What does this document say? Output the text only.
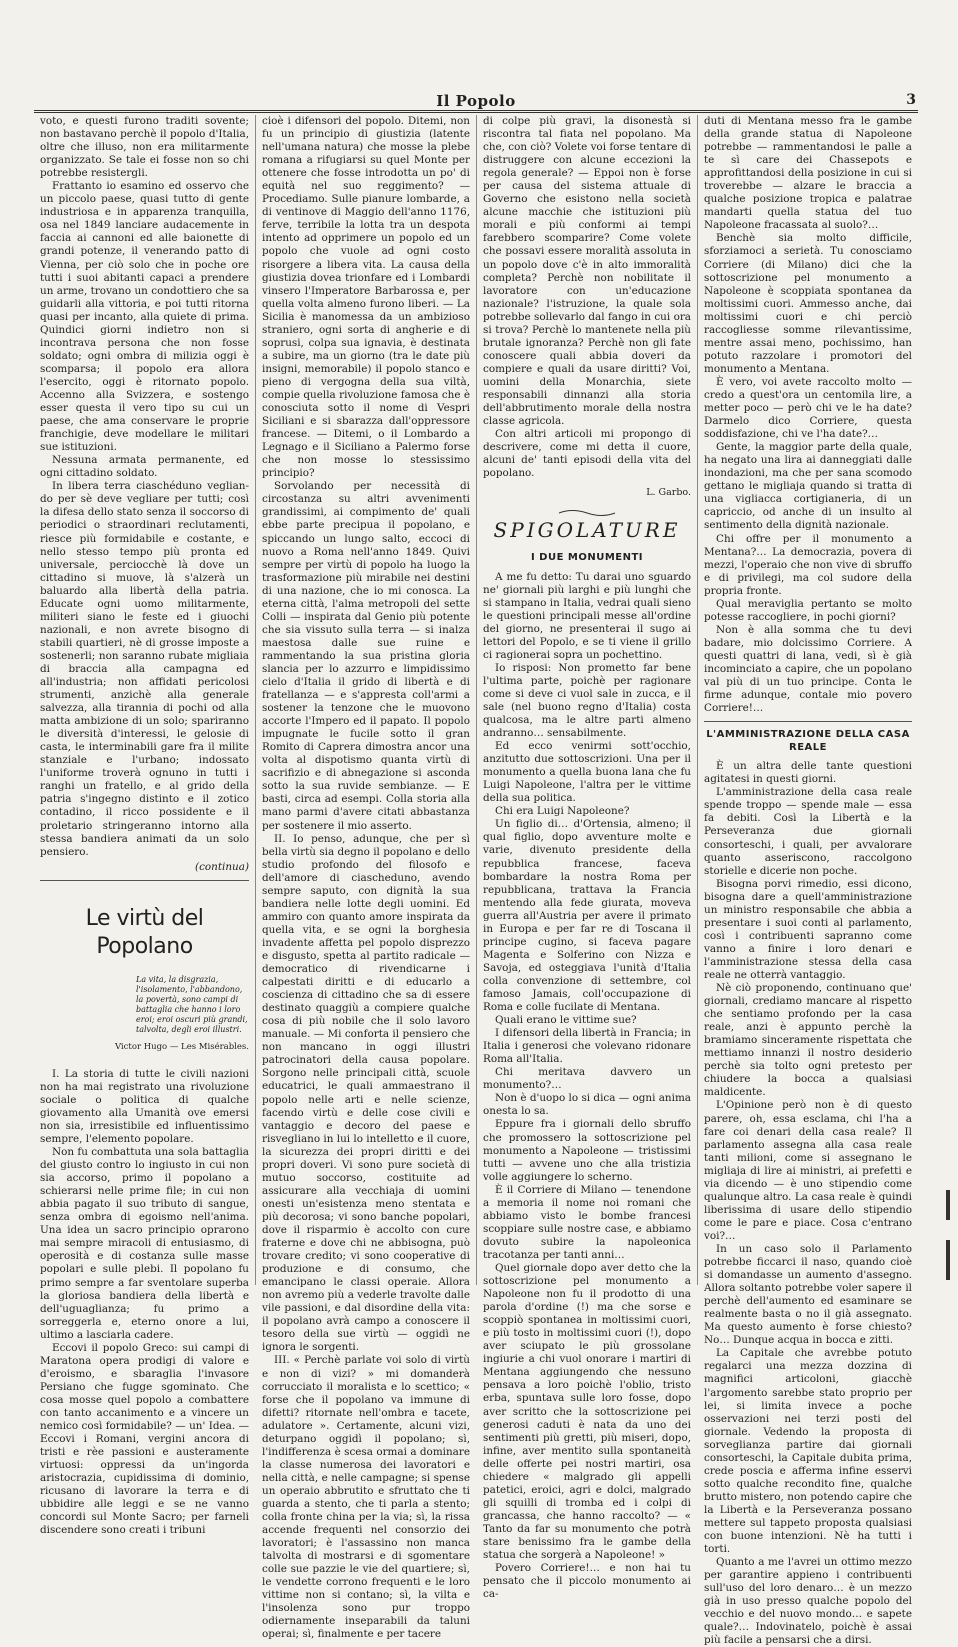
Il Popolo	3

voto, e questi furono traditi sovente; non bastavano perchè il popolo d'Italia, oltre che illuso, non era militarmente organizzato. Se tale ei fosse non so chi potrebbe resistergli.

Frattanto io esamino ed osservo che un piccolo paese, quasi tutto di gente industriosa e in apparenza tranquilla, osa nel 1849 lanciare audacemente in faccia ai cannoni ed alle baionette di grandi potenze, il venerando patto di Vienna, per ciò solo che in poche ore tutti i suoi abitanti capaci a prendere un arme, trovano un condottiero che sa guidarli alla vittoria, e poi tutti ritorna quasi per incanto, alla quiete di prima. Quindici giorni indietro non si incontrava persona che non fosse soldato; ogni ombra di milizia oggi è scomparsa; il popolo era allora l'esercito, oggi è ritornato popolo. Accenno alla Svizzera, e sostengo esser questa il vero tipo su cui un paese, che ama conservare le proprie franchigie, deve modellare le militari sue istituzioni.

Nessuna armata permanente, ed ogni cittadino soldato.

In libera terra ciaschéduno veglian-do per sè deve vegliare per tutti; così la difesa dello stato senza il soccorso di periodici o straordinari reclutamenti, riesce più formidabile e costante, e nello stesso tempo più pronta ed universale, perciocchè là dove un cittadino si muove, là s'alzerà un baluardo alla libertà della patria. Educate ogni uomo militarmente, militeri siano le feste ed i giuochi nazionali, e non avrete bisogno di stabili quartieri, nè di grosse imposte a sostenerli; non saranno rubate migliaia di braccia alla campagna ed all'industria; non affidati pericolosi strumenti, anzichè alla generale salvezza, alla tirannia di pochi od alla matta ambizione di un solo; spariranno le diversità d'interessi, le gelosie di casta, le interminabili gare fra il milite stanziale e l'urbano; indossato l'uniforme troverà ognuno in tutti i ranghi un fratello, e al grido della patria s'ingegno distinto e il zotico contadino, il ricco possidente e il proletario stringeranno intorno alla stessa bandiera animati da un solo pensiero.

(continua)

Le virtù del Popolano
La vita, la disgrazia, l'isolamento, l'abbandono, la povertà, sono campi di battaglia che hanno i loro eroi; eroi oscuri più grandi, talvolta, degli eroi illustri.
Victor Hugo — Les Misérables.

I. La storia di tutte le civili nazioni non ha mai registrato una rivoluzione sociale o politica di qualche giovamento alla Umanità ove emersi non sia, irresistibile ed influentissimo sempre, l'elemento popolare.

Non fu combattuta una sola battaglia del giusto contro lo ingiusto in cui non sia accorso, primo il popolano a schierarsi nelle prime file; in cui non abbia pagato il suo tributo di sangue, senza ombra di egoismo nell'anima. Una idea un sacro principio oprarono mai sempre miracoli di entusiasmo, di operosità e di costanza sulle masse popolari e sulle plebi. Il popolano fu primo sempre a far sventolare superba la gloriosa bandiera della libertà e dell'uguaglianza; fu primo a sorreggerla e, eterno onore a lui, ultimo a lasciarla cadere.

Eccovi il popolo Greco: sui campi di Maratona opera prodigi di valore e d'eroismo, e sbaraglia l'invasore Persiano che fugge sgominato. Che cosa mosse quel popolo a combattere con tanto accanimento e a vincere un nemico così formidabile? — un' Idea. — Eccovi i Romani, vergini ancora di tristi e rèe passioni e austeramente virtuosi: oppressi da un'ingorda aristocrazia, cupidissima di dominio, ricusano di lavorare la terra e di ubbidire alle leggi e se ne vanno concordi sul Monte Sacro; per farneli discendere sono creati i tribuni

cioè i difensori del popolo. Ditemi, non fu un principio di giustizia (latente nell'umana natura) che mosse la plebe romana a rifugiarsi su quel Monte per ottenere che fosse introdotta un po' di equità nel suo reggimento? — Procediamo. Sulle pianure lombarde, a di ventinove di Maggio dell'anno 1176, ferve, terribile la lotta tra un despota intento ad opprimere un popolo ed un popolo che vuole ad ogni costo risorgere a libera vita. La causa della giustizia dovea trionfare ed i Lombardi vinsero l'Imperatore Barbarossa e, per quella volta almeno furono liberi. — La Sicilia è manomessa da un ambizioso straniero, ogni sorta di angherie e di soprusi, colpa sua ignavia, è destinata a subire, ma un giorno (tra le date più insigni, memorabile) il popolo stanco e pieno di vergogna della sua viltà, compie quella rivoluzione famosa che è conosciuta sotto il nome di Vespri Siciliani e si sbarazza dall'oppressore francese. — Ditemi, o il Lombardo a Legnago e il Siciliano a Palermo forse che non mosse lo stessissimo principio?

Sorvolando per necessità di circostanza su altri avvenimenti grandissimi, ai compimento de' quali ebbe parte precipua il popolano, e spiccando un lungo salto, eccoci di nuovo a Roma nell'anno 1849. Quivi sempre per virtù di popolo ha luogo la trasformazione più mirabile nei destini di una nazione, che io mi conosca. La eterna città, l'alma metropoli del sette Colli — inspirata dal Genio più potente che sia vissuto sulla terra — si inalza maestosa dalle sue ruine e rammentando la sua pristina gloria slancia per lo azzurro e limpidissimo cielo d'Italia il grido di libertà e di fratellanza — e s'appresta coll'armi a sostener la tenzone che le muovono accorte l'Impero ed il papato. Il popolo impugnate le fucile sotto il gran Romito di Caprera dimostra ancor una volta al dispotismo quanta virtù di sacrifizio e di abnegazione si asconda sotto la sua ruvide sembianze. — E basti, circa ad esempi. Colla storia alla mano parmi d'avere citati abbastanza per sostenere il mio asserto.

II. Io penso, adunque, che per sì bella virtù sia degno il popolano e dello studio profondo del filosofo e dell'amore di ciascheduno, avendo sempre saputo, con dignità la sua bandiera nelle lotte degli uomini. Ed ammiro con quanto amore inspirata da quella vita, e se ogni la borghesia invadente affetta pel popolo disprezzo e disgusto, spetta al partito radicale — democratico di rivendicarne i calpestati diritti e di educarlo a coscienza di cittadino che sa di essere destinato quaggiù a compiere qualche cosa di più nobile che il solo lavoro manuale. — Mi conforta il pensiero che non mancano in oggi illustri patrocinatori della causa popolare. Sorgono nelle principali città, scuole educatrici, le quali ammaestrano il popolo nelle arti e nelle scienze, facendo virtù e delle cose civili e vantaggio e decoro del paese e risvegliano in lui lo intelletto e il cuore, la sicurezza dei propri diritti e dei propri doveri. Vi sono pure società di mutuo soccorso, costituite ad assicurare alla vecchiaja di uomini onesti un'esistenza meno stentata e più decorosa; vi sono banche popolari, dove il risparmio è accolto con cure fraterne e dove chi ne abbisogna, può trovare credito; vi sono cooperative di produzione e di consumo, che emancipano le classi operaie. Allora non avremo più a vederle travolte dalle vile passioni, e dal disordine della vita: il popolano avrà campo a conoscere il tesoro della sue virtù — oggidì ne ignora le sorgenti.

III. « Perchè parlate voi solo di virtù e non di vizi? » mi domanderà corrucciato il moralista e lo scettico; « forse che il popolano va immune di difetti? ritornate nell'ombra e tacete, adulatore ». Certamente, alcuni vizi, deturpano oggidì il popolano; sì, l'indifferenza è scesa ormai a dominare la classe numerosa dei lavoratori e nella città, e nelle campagne; si spense un operaio abbrutito e sfruttato che ti guarda a stento, che ti parla a stento; colla fronte china per la via; sì, la rissa accende frequenti nel consorzio dei lavoratori; è l'assassino non manca talvolta di mostrarsi e di sgomentare colle sue pazzie le vie del quartiere; sì, le vendette corrono frequenti e le loro vittime non si contano; sì, la vilta e l'insolenza sono pur troppo odiernamente inseparabili da taluni operai; sì, finalmente e per tacere

di colpe più gravi, la disonestà si riscontra tal fiata nel popolano. Ma che, con ciò? Volete voi forse tentare di distruggere con alcune eccezioni la regola generale? — Eppoi non è forse per causa del sistema attuale di Governo che esistono nella società alcune macchie che istituzioni più morali e più conformi ai tempi farebbero scomparire? Come volete che possavi essere moralità assoluta in un popolo dove c'è in alto immoralità completa? Perchè non nobilitate il lavoratore con un'educazione nazionale? l'istruzione, la quale sola potrebbe sollevarlo dal fango in cui ora si trova? Perchè lo mantenete nella più brutale ignoranza? Perchè non gli fate conoscere quali abbia doveri da compiere e quali da usare diritti? Voi, uomini della Monarchia, siete responsabili dinnanzi alla storia dell'abbrutimento morale della nostra classe agricola.

Con altri articoli mi propongo di descrivere, come mi detta il cuore, alcuni de' tanti episodi della vita del popolano.

L. Garbo.

SPIGOLATURE
I DUE MONUMENTI

A me fu detto: Tu darai uno sguardo ne' giornali più larghi e più lunghi che si stampano in Italia, vedrai quali sieno le questioni principali messe all'ordine del giorno, ne presenterai il sugo ai lettori del Popolo, e se ti viene il grillo ci ragionerai sopra un pochettino.

Io risposi: Non prometto far bene l'ultima parte, poichè per ragionare come si deve ci vuol sale in zucca, e il sale (nel buono regno d'Italia) costa qualcosa, ma le altre parti almeno andranno… sensabilmente.

Ed ecco venirmi sott'occhio, anzitutto due sottoscrizioni. Una per il monumento a quella buona lana che fu Luigi Napoleone, l'altra per le vittime della sua politica.

Chi era Luigi Napoleone?

Un figlio di… d'Ortensia, almeno; il qual figlio, dopo avventure molte e varie, divenuto presidente della repubblica francese, faceva bombardare la nostra Roma per repubblicana, trattava la Francia mentendo alla fede giurata, moveva guerra all'Austria per avere il primato in Europa e per far re di Toscana il principe cugino, si faceva pagare Magenta e Solferino con Nizza e Savoja, ed osteggiava l'unità d'Italia colla convenzione di settembre, col famoso Jamais, coll'occupazione di Roma e colle fucilate di Mentana.

Quali erano le vittime sue?

I difensori della libertà in Francia; in Italia i generosi che volevano ridonare Roma all'Italia.

Chi meritava davvero un monumento?…

Non è d'uopo lo si dica — ogni anima onesta lo sa.

Eppure fra i giornali dello sbruffo che promossero la sottoscrizione pel monumento a Napoleone — tristissimi tutti — avvene uno che alla tristizia volle aggiungere lo scherno.

È il Corriere di Milano — tenendone a memoria il nome noi romani che abbiamo visto le bombe francesi scoppiare sulle nostre case, e abbiamo dovuto subire la napoleonica tracotanza per tanti anni…

Quel giornale dopo aver detto che la sottoscrizione pel monumento a Napoleone non fu il prodotto di una parola d'ordine (!) ma che sorse e scoppiò spontanea in moltissimi cuori, e più tosto in moltissimi cuori (!), dopo aver sciupato le più grossolane ingiurie a chi vuol onorare i martiri di Mentana aggiungendo che nessuno pensava a loro poichè l'oblio, tristo erba, spuntava sulle loro fosse, dopo aver scritto che la sottoscrizione pei generosi caduti è nata da uno dei sentimenti più gretti, più miseri, dopo, infine, aver mentito sulla spontaneità delle offerte pei nostri martiri, osa chiedere « malgrado gli appelli patetici, eroici, agri e dolci, malgrado gli squilli di tromba ed i colpi di grancassa, che hanno raccolto? — « Tanto da far su monumento che potrà stare benissimo fra le gambe della statua che sorgerà a Napoleone! »

Povero Corriere!… e non hai tu pensato che il piccolo monumento ai ca-

duti di Mentana messo fra le gambe della grande statua di Napoleone potrebbe — rammentandosi le palle a te sì care dei Chassepots e approfittandosi della posizione in cui si troverebbe — alzare le braccia a qualche posizione tropica e palatrae mandarti quella statua del tuo Napoleone fracassata al suolo?…

Benchè sia molto difficile, sforziamoci a serietà. Tu conosciamo Corriere (di Milano) dici che la sottoscrizione pel monumento a Napoleone è scoppiata spontanea da moltissimi cuori. Ammesso anche, dai moltissimi cuori e chi perciò raccogliesse somme rilevantissime, mentre assai meno, pochissimo, han potuto razzolare i promotori del monumento a Mentana.

È vero, voi avete raccolto molto — credo a quest'ora un centomila lire, a metter poco — però chi ve le ha date? Darmelo dico Corriere, questa soddisfazione, chi ve l'ha date?…

Gente, la maggior parte della quale, ha negato una lira ai danneggiati dalle inondazioni, ma che per sana scomodo gettano le migliaja quando si tratta di una vigliacca cortigianeria, di un capriccio, od anche di un insulto al sentimento della dignità nazionale.

Chi offre per il monumento a Mentana?… La democrazia, povera di mezzi, l'operaio che non vive di sbruffo e di privilegi, ma col sudore della propria fronte.

Qual meraviglia pertanto se molto potesse raccogliere, in pochi giorni?

Non è alla somma che tu devi badare, mio dolcissimo Corriere. A questi quattri di lana, vedi, sì è già incominciato a capire, che un popolano val più di un tuo principe. Conta le firme adunque, contale mio povero Corriere!…

L'AMMINISTRAZIONE DELLA CASA REALE

È un altra delle tante questioni agitatesi in questi giorni.

L'amministrazione della casa reale spende troppo — spende male — essa fa debiti. Così la Libertà e la Perseveranza due giornali consorteschi, i quali, per avvalorare quanto asseriscono, raccolgono storielle e dicerie non poche.

Bisogna porvi rimedio, essi dicono, bisogna dare a quell'amministrazione un ministro responsabile che abbia a presentare i suoi conti al parlamento, così i contribuenti sapranno come vanno a finire i loro denari e l'amministrazione stessa della casa reale ne otterrà vantaggio.

Nè ciò proponendo, continuano que' giornali, crediamo mancare al rispetto che sentiamo profondo per la casa reale, anzi è appunto perchè la bramiamo sinceramente rispettata che mettiamo innanzi il nostro desiderio perchè sia tolto ogni pretesto per chiudere la bocca a qualsiasi maldicente.

L'Opinione però non è di questo parere, oh, essa esclama, chi l'ha a fare coi denari della casa reale? Il parlamento assegna alla casa reale tanti milioni, come si assegnano le migliaja di lire ai ministri, ai prefetti e via dicendo — è uno stipendio come qualunque altro. La casa reale è quindi liberissima di usare dello stipendio come le pare e piace. Cosa c'entrano voi?…

In un caso solo il Parlamento potrebbe ficcarci il naso, quando cioè si domandasse un aumento d'assegno. Allora soltanto potrebbe voler sapere il perchè dell'aumento ed esaminare se realmente basta o no il già assegnato. Ma questo aumento è forse chiesto? No… Dunque acqua in bocca e zitti.

La Capitale che avrebbe potuto regalarci una mezza dozzina di magnifici articoloni, giacchè l'argomento sarebbe stato proprio per lei, si limita invece a poche osservazioni nei terzi posti del giornale. Vedendo la proposta di sorveglianza partire dai giornali consorteschi, la Capitale dubita prima, crede poscia e afferma infine esservi sotto qualche recondito fine, qualche brutto mistero, non potendo capire che la Libertà e la Perseveranza possano mettere sul tappeto proposta qualsiasi con buone intenzioni. Nè ha tutti i torti.

Quanto a me l'avrei un ottimo mezzo per garantire appieno i contribuenti sull'uso del loro denaro… è un mezzo già in uso presso qualche popolo del vecchio e del nuovo mondo… e sapete quale?… Indovinatelo, poichè è assai più facile a pensarsi che a dirsi.
